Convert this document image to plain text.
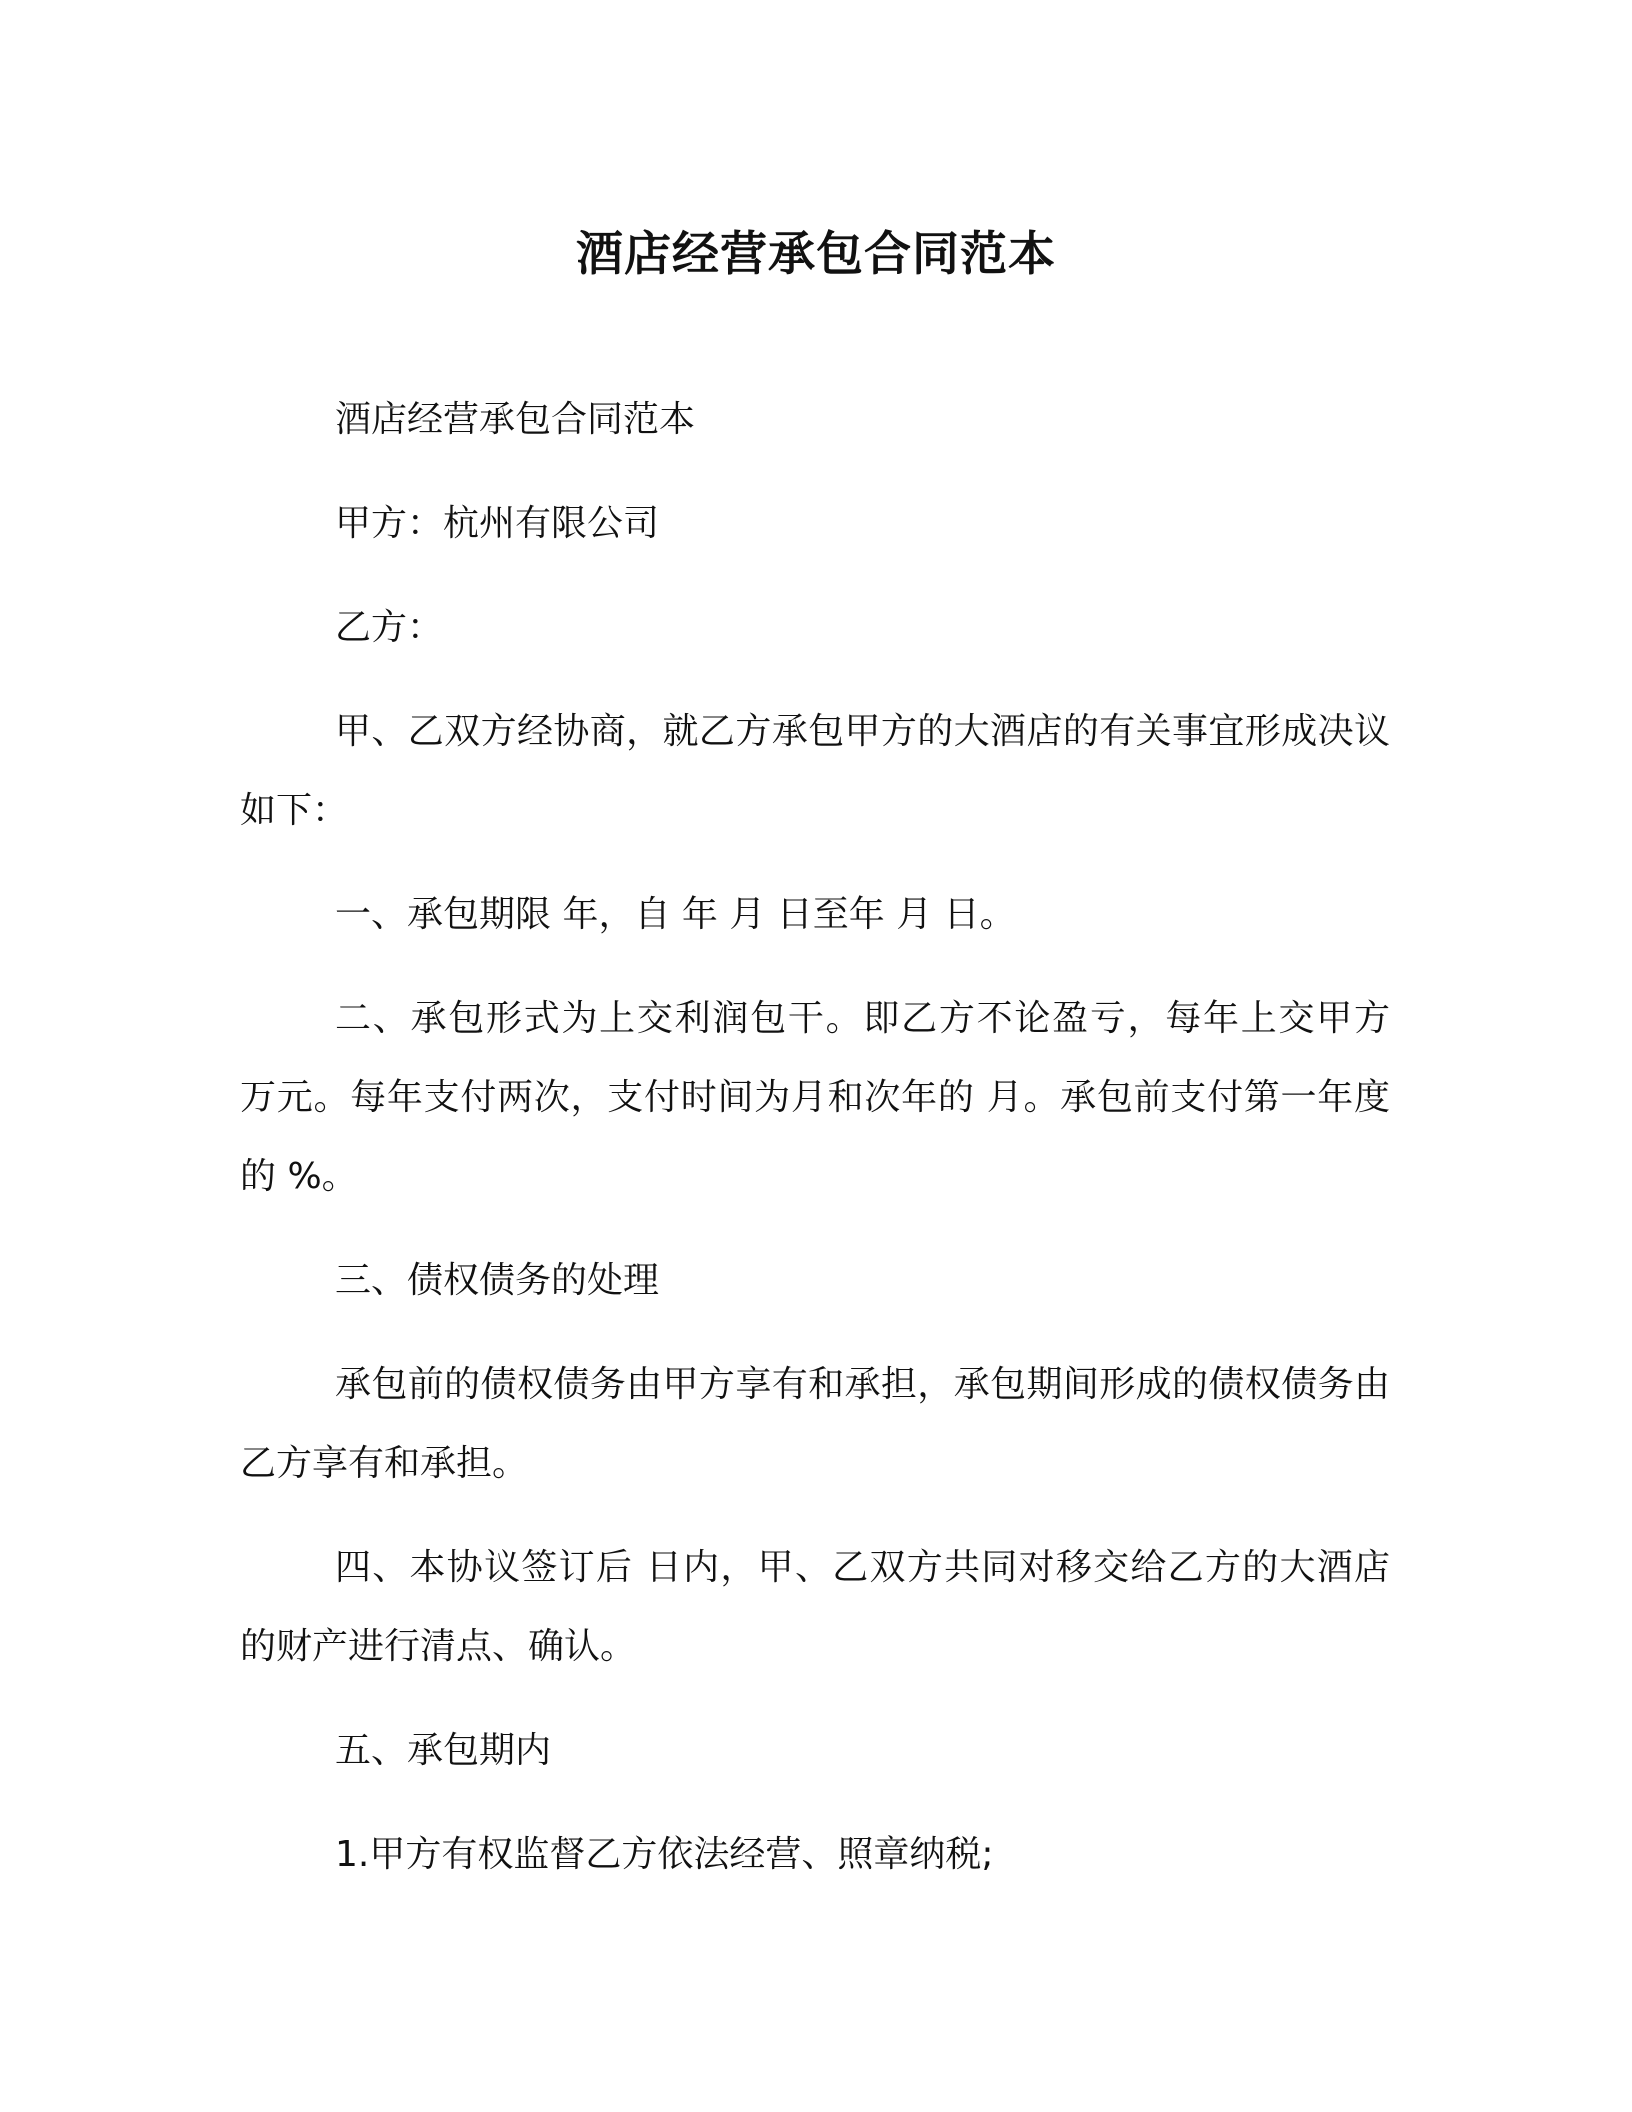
酒店经营承包合同范本

酒店经营承包合同范本

甲方：杭州有限公司

乙方：

甲、乙双方经协商，就乙方承包甲方的大酒店的有关事宜形成决议如下：

一、承包期限 年，自 年 月 日至年 月 日。

二、承包形式为上交利润包干。即乙方不论盈亏，每年上交甲方 万元。每年支付两次，支付时间为月和次年的 月。承包前支付第一年度的 %。

三、债权债务的处理

承包前的债权债务由甲方享有和承担，承包期间形成的债权债务由乙方享有和承担。

四、本协议签订后 日内，甲、乙双方共同对移交给乙方的大酒店的财产进行清点、确认。

五、承包期内

1.甲方有权监督乙方依法经营、照章纳税;
